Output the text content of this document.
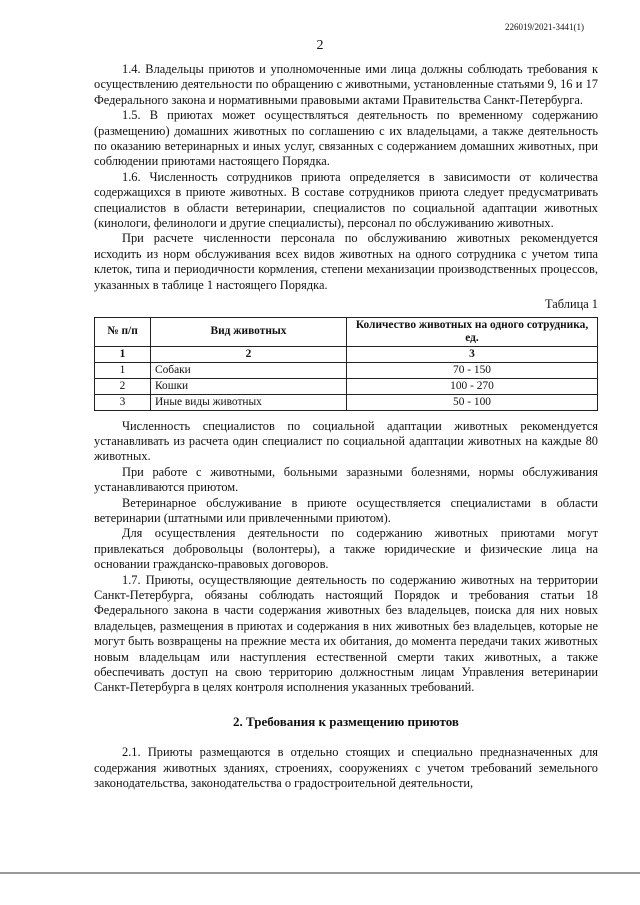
226019/2021-3441(1)
2

1.4. Владельцы приютов и уполномоченные ими лица должны соблюдать требования к осуществлению деятельности по обращению с животными, установленные статьями 9, 16 и 17 Федерального закона и нормативными правовыми актами Правительства Санкт-Петербурга.

1.5. В приютах может осуществляться деятельность по временному содержанию (размещению) домашних животных по соглашению с их владельцами, а также деятельность по оказанию ветеринарных и иных услуг, связанных с содержанием домашних животных, при соблюдении приютами настоящего Порядка.

1.6. Численность сотрудников приюта определяется в зависимости от количества содержащихся в приюте животных. В составе сотрудников приюта следует предусматривать специалистов в области ветеринарии, специалистов по социальной адаптации животных (кинологи, фелинологи и другие специалисты), персонал по обслуживанию животных.

При расчете численности персонала по обслуживанию животных рекомендуется исходить из норм обслуживания всех видов животных на одного сотрудника с учетом типа клеток, типа и периодичности кормления, степени механизации производственных процессов, указанных в таблице 1 настоящего Порядка.

Таблица 1
№ п/п	Вид животных	Количество животных на одного сотрудника, ед.
1	2	3
1	Собаки	70 - 150
2	Кошки	100 - 270
3	Иные виды животных	50 - 100

Численность специалистов по социальной адаптации животных рекомендуется устанавливать из расчета один специалист по социальной адаптации животных на каждые 80 животных.

При работе с животными, больными заразными болезнями, нормы обслуживания устанавливаются приютом.

Ветеринарное обслуживание в приюте осуществляется специалистами в области ветеринарии (штатными или привлеченными приютом).

Для осуществления деятельности по содержанию животных приютами могут привлекаться добровольцы (волонтеры), а также юридические и физические лица на основании гражданско-правовых договоров.

1.7. Приюты, осуществляющие деятельность по содержанию животных на территории Санкт-Петербурга, обязаны соблюдать настоящий Порядок и требования статьи 18 Федерального закона в части содержания животных без владельцев, поиска для них новых владельцев, размещения в приютах и содержания в них животных без владельцев, которые не могут быть возвращены на прежние места их обитания, до момента передачи таких животных новым владельцам или наступления естественной смерти таких животных, а также обеспечивать доступ на свою территорию должностным лицам Управления ветеринарии Санкт-Петербурга в целях контроля исполнения указанных требований.

2. Требования к размещению приютов

2.1. Приюты размещаются в отдельно стоящих и специально предназначенных для содержания животных зданиях, строениях, сооружениях с учетом требований земельного законодательства, законодательства о градостроительной деятельности,
